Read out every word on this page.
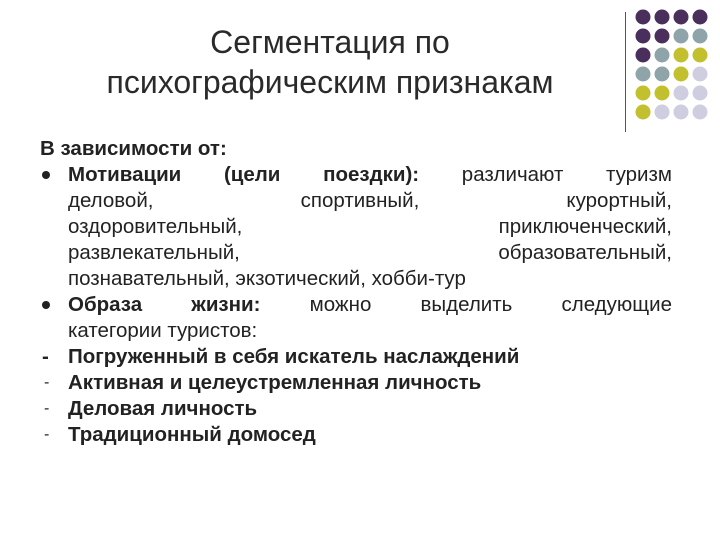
Сегментация по
психографическим признакам
В зависимости от:
Мотивации (цели поездки): различают туризм
деловой, спортивный, курортный,
оздоровительный, приключенческий,
развлекательный, образовательный,
познавательный, экзотический, хобби-тур
Образа жизни: можно выделить следующие
категории туристов:
- Погруженный в себя искатель наслаждений
- Активная и целеустремленная личность
- Деловая личность
- Традиционный домосед
